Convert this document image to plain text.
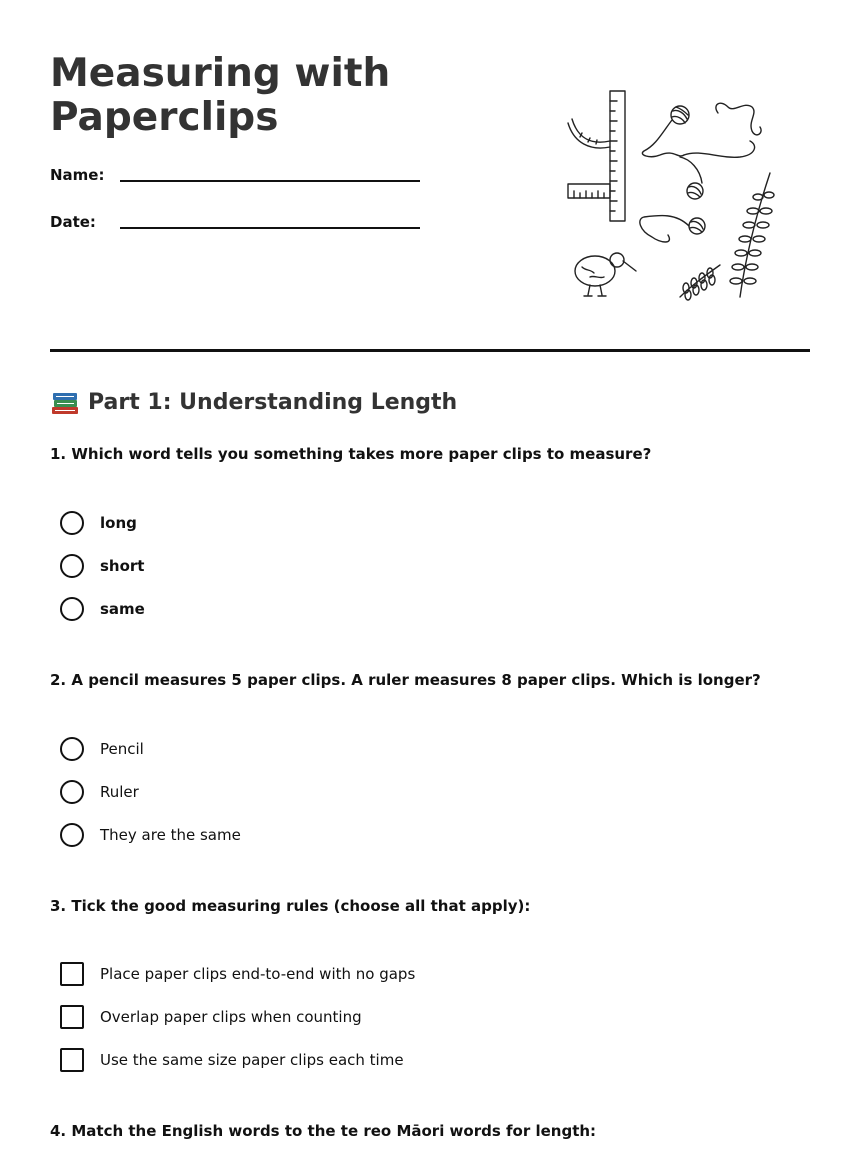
Measuring with
Paperclips
Name:
Date:
Part 1: Understanding Length

1. Which word tells you something takes more paper clips to measure?

long
short
same

2. A pencil measures 5 paper clips. A ruler measures 8 paper clips. Which is longer?

Pencil
Ruler
They are the same

3. Tick the good measuring rules (choose all that apply):

Place paper clips end-to-end with no gaps
Overlap paper clips when counting
Use the same size paper clips each time

4. Match the English words to the te reo Māori words for length:
